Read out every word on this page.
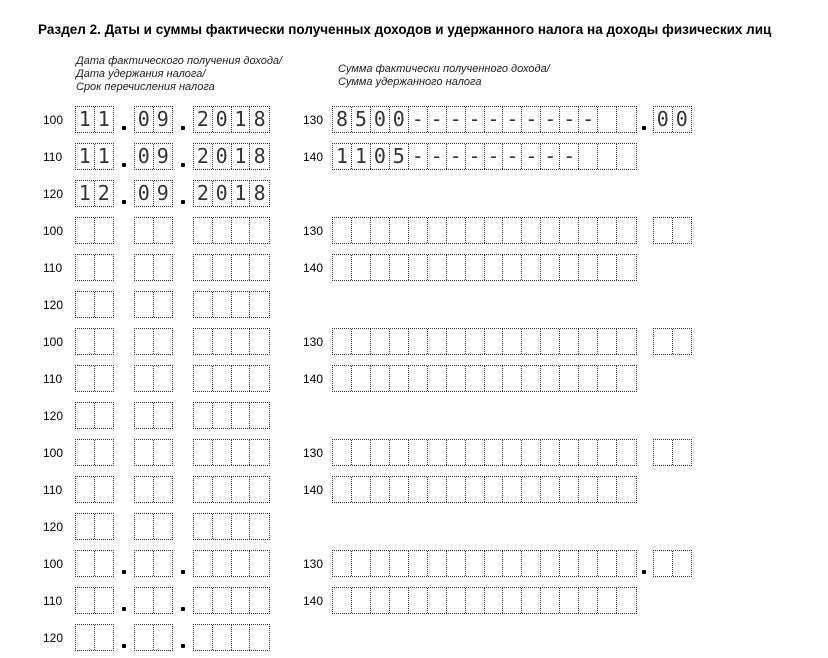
Раздел 2. Даты и суммы фактически полученных доходов и удержанного налога на доходы физических лиц
Дата фактического получения дохода/
Дата удержания налога/
Срок перечисления налога
Сумма фактически полученного дохода/
Сумма удержанного налога
100 1 1 0 9 2 0 1 8	130 8 5 0 0 - - - - - - - - - -	0 0
110 1 1 0 9 2 0 1 8	140 1 1 0 5 - - - - - - - - -
120 1 2 0 9 2 0 1 8
100	130
110	140
120
100	130
110	140
120
100	130
110	140
120
100	130
110	140
120
